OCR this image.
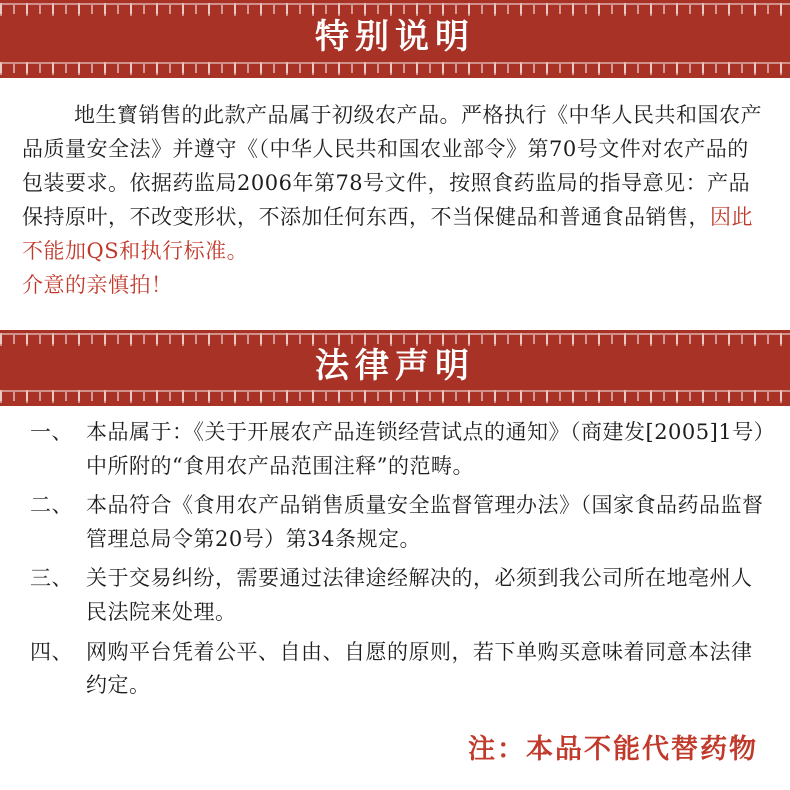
特别说明
地生寳销售的此款产品属于初级农产品。严格执行《中华人民共和国农产品质量安全法》并遵守《（中华人民共和国农业部令》第70号文件对农产品的包装要求。依据药监局2006年第78号文件，按照食药监局的指导意见：产品保持原叶，不改变形状，不添加任何东西，不当保健品和普通食品销售，因此不能加QS和执行标准。
介意的亲慎拍！
法律声明
一、 本品属于：《关于开展农产品连锁经营试点的通知》（商建发[2005]1号）中所附的“食用农产品范围注释”的范畴。
二、 本品符合《食用农产品销售质量安全监督管理办法》（国家食品药品监督管理总局令第20号）第34条规定。
三、 关于交易纠纷，需要通过法律途经解决的，必须到我公司所在地亳州人民法院来处理。
四、 网购平台凭着公平、自由、自愿的原则，若下单购买意味着同意本法律约定。
注：本品不能代替药物
